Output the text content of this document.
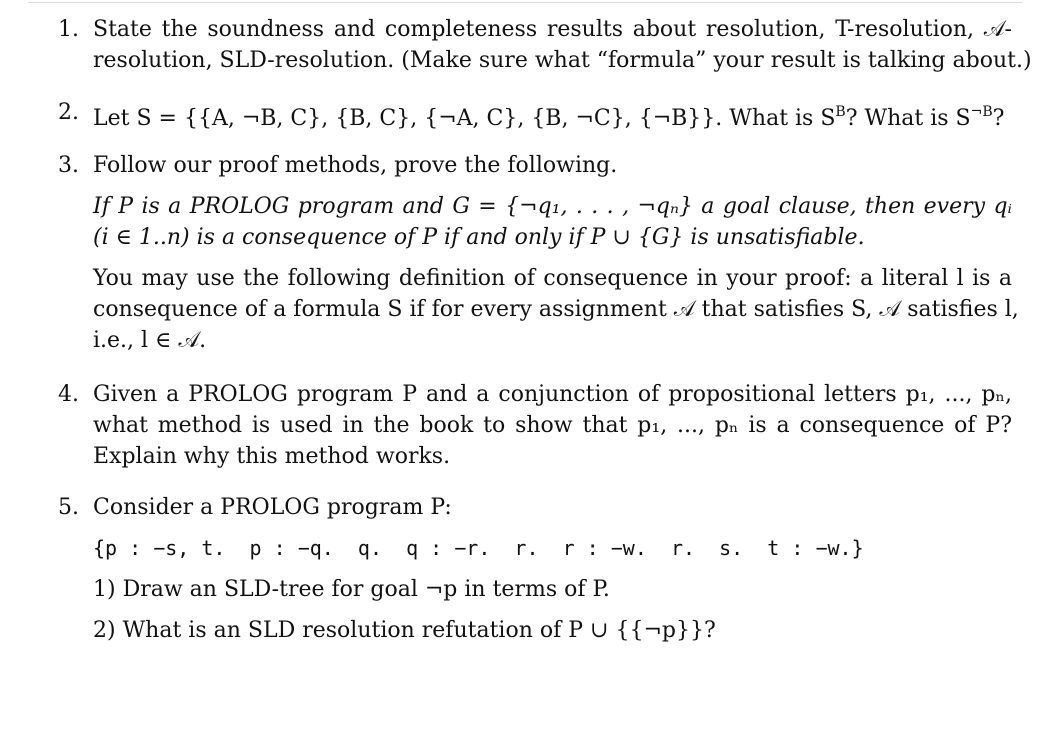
1. State the soundness and completeness results about resolution, T-resolution, 𝒜-
resolution, SLD-resolution. (Make sure what “formula” your result is talking about.)
2. Let S = {{A, ¬B, C}, {B, C}, {¬A, C}, {B, ¬C}, {¬B}}. What is $S^B$? What is $S^{\neg B}$?
3. Follow our proof methods, prove the following.
If P is a PROLOG program and G = {¬q₁, . . . , ¬qₙ} a goal clause, then every qᵢ
(i ∈ 1..n) is a consequence of P if and only if P ∪ {G} is unsatisfiable.
You may use the following definition of consequence in your proof: a literal l is a
consequence of a formula S if for every assignment 𝒜 that satisfies S, 𝒜 satisfies l,
i.e., l ∈ 𝒜.
4. Given a PROLOG program P and a conjunction of propositional letters p₁, ..., pₙ,
what method is used in the book to show that p₁, ..., pₙ is a consequence of P?
Explain why this method works.
5. Consider a PROLOG program P:
{p : −s, t.  p : −q.  q.  q : −r.  r.  r : −w.  r.  s.  t : −w.}
1) Draw an SLD-tree for goal ¬p in terms of P.
2) What is an SLD resolution refutation of P ∪ {{¬p}}?
